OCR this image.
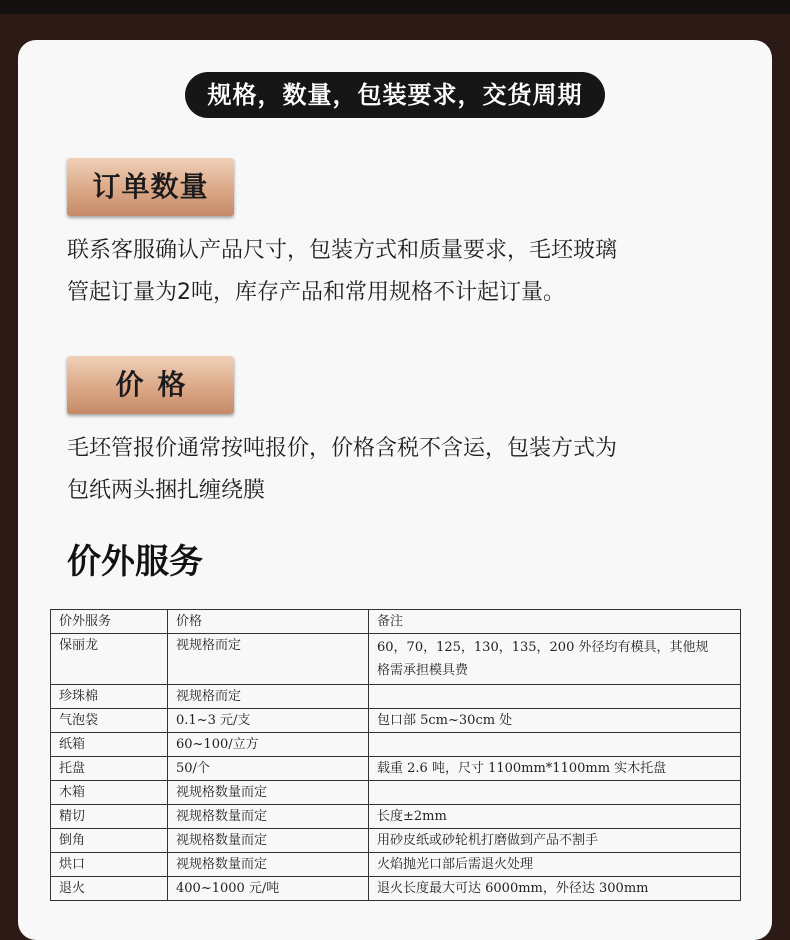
规格，数量，包装要求，交货周期
订单数量
联系客服确认产品尺寸，包装方式和质量要求，毛坯玻璃
管起订量为2吨，库存产品和常用规格不计起订量。
价格
毛坯管报价通常按吨报价，价格含税不含运，包装方式为
包纸两头捆扎缠绕膜
价外服务
价外服务	价格	备注
保丽龙	视规格而定	60，70，125，130，135，200 外径均有模具，其他规
格需承担模具费

珍珠棉	视规格而定	
气泡袋	0.1~3 元/支	包口部 5cm~30cm 处
纸箱	60~100/立方	
托盘	50/个	载重 2.6 吨，尺寸 1100mm*1100mm 实木托盘
木箱	视规格数量而定	
精切	视规格数量而定	长度±2mm
倒角	视规格数量而定	用砂皮纸或砂轮机打磨做到产品不割手
烘口	视规格数量而定	火焰抛光口部后需退火处理
退火	400~1000 元/吨	退火长度最大可达 6000mm，外径达 300mm
